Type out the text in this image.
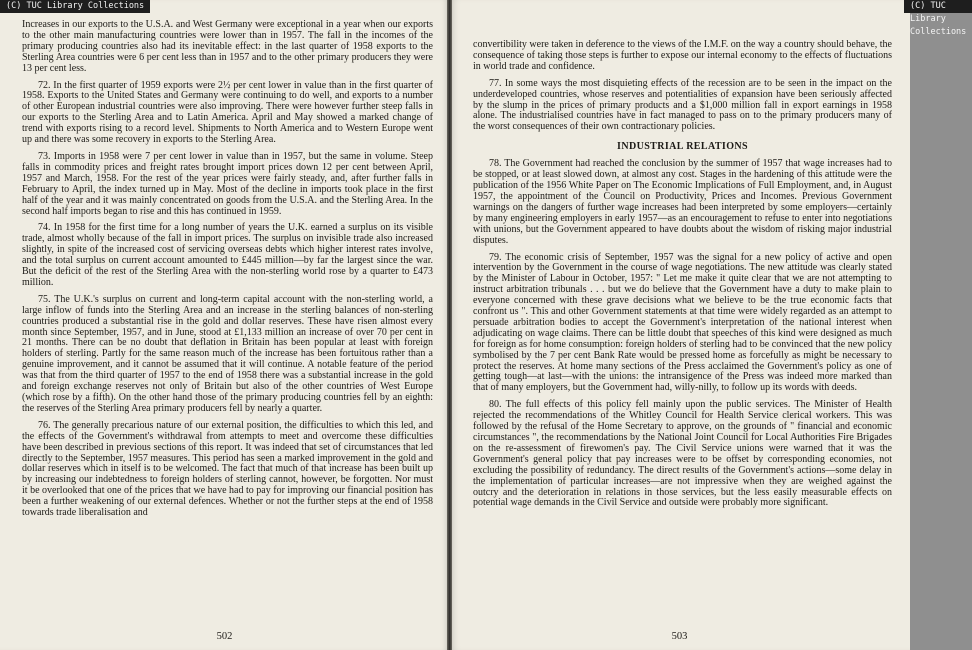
(C) TUC Library Collections

Increases in our exports to the U.S.A. and West Germany were exceptional in a year when our exports to the other main manufacturing countries were lower than in 1957. The fall in the incomes of the primary producing countries also had its inevitable effect: in the last quarter of 1958 exports to the Sterling Area countries were 6 per cent less than in 1957 and to the other primary producers they were 13 per cent less.

72. In the first quarter of 1959 exports were 2½ per cent lower in value than in the first quarter of 1958. Exports to the United States and Germany were continuing to do well, and exports to a number of other European industrial countries were also improving. There were however further steep falls in our exports to the Sterling Area and to Latin America. April and May showed a marked change of trend with exports rising to a record level. Shipments to North America and to Western Europe went up and there was some recovery in exports to the Sterling Area.

73. Imports in 1958 were 7 per cent lower in value than in 1957, but the same in volume. Steep falls in commodity prices and freight rates brought import prices down 12 per cent between April, 1957 and March, 1958. For the rest of the year prices were fairly steady, and, after further falls in February to April, the index turned up in May. Most of the decline in imports took place in the first half of the year and it was mainly concentrated on goods from the U.S.A. and the Sterling Area. In the second half imports began to rise and this has continued in 1959.

74. In 1958 for the first time for a long number of years the U.K. earned a surplus on its visible trade, almost wholly because of the fall in import prices. The surplus on invisible trade also increased slightly, in spite of the increased cost of servicing overseas debts which higher interest rates involve, and the total surplus on current account amounted to £445 million—by far the largest since the war. But the deficit of the rest of the Sterling Area with the non-sterling world rose by a quarter to £473 million.

75. The U.K.'s surplus on current and long-term capital account with the non-sterling world, a large inflow of funds into the Sterling Area and an increase in the sterling balances of non-sterling countries produced a substantial rise in the gold and dollar reserves. These have risen almost every month since September, 1957, and in June, stood at £1,133 million an increase of over 70 per cent in 21 months. There can be no doubt that deflation in Britain has been popular at least with foreign holders of sterling. Partly for the same reason much of the increase has been fortuitous rather than a genuine improvement, and it cannot be assumed that it will continue. A notable feature of the period was that from the third quarter of 1957 to the end of 1958 there was a substantial increase in the gold and foreign exchange reserves not only of Britain but also of the other countries of West Europe (which rose by a fifth). On the other hand those of the primary producing countries fell by an eighth: the reserves of the Sterling Area primary producers fell by nearly a quarter.

76. The generally precarious nature of our external position, the difficulties to which this led, and the effects of the Government's withdrawal from attempts to meet and overcome these difficulties have been described in previous sections of this report. It was indeed that set of circumstances that led directly to the September, 1957 measures. This period has seen a marked improvement in the gold and dollar reserves which in itself is to be welcomed. The fact that much of that increase has been built up by increasing our indebtedness to foreign holders of sterling cannot, however, be forgotten. Nor must it be overlooked that one of the prices that we have had to pay for improving our financial position has been a further weakening of our external defences. Whether or not the further steps at the end of 1958 towards trade liberalisation and

502
(C) TUC Library Collections

convertibility were taken in deference to the views of the I.M.F. on the way a country should behave, the consequence of taking those steps is further to expose our internal economy to the effects of fluctuations in world trade and confidence.

77. In some ways the most disquieting effects of the recession are to be seen in the impact on the underdeveloped countries, whose reserves and potentialities of expansion have been seriously affected by the slump in the prices of primary products and a $1,000 million fall in export earnings in 1958 alone. The industrialised countries have in fact managed to pass on to the primary producers many of the worst consequences of their own contractionary policies.

INDUSTRIAL RELATIONS

78. The Government had reached the conclusion by the summer of 1957 that wage increases had to be stopped, or at least slowed down, at almost any cost. Stages in the hardening of this attitude were the publication of the 1956 White Paper on The Economic Implications of Full Employment, and, in August 1957, the appointment of the Council on Productivity, Prices and Incomes. Previous Government warnings on the dangers of further wage increases had been interpreted by some employers—certainly by many engineering employers in early 1957—as an encouragement to refuse to enter into negotiations with unions, but the Government appeared to have doubts about the wisdom of risking major industrial disputes.

79. The economic crisis of September, 1957 was the signal for a new policy of active and open intervention by the Government in the course of wage negotiations. The new attitude was clearly stated by the Minister of Labour in October, 1957: " Let me make it quite clear that we are not attempting to instruct arbitration tribunals . . . but we do believe that the Government have a duty to make plain to everyone concerned with these grave decisions what we believe to be the true economic facts that confront us ". This and other Government statements at that time were widely regarded as an attempt to persuade arbitration bodies to accept the Government's interpretation of the national interest when adjudicating on wage claims. There can be little doubt that speeches of this kind were designed as much for foreign as for home consumption: foreign holders of sterling had to be convinced that the new policy symbolised by the 7 per cent Bank Rate would be pressed home as forcefully as might be necessary to protect the reserves. At home many sections of the Press acclaimed the Government's policy as one of getting tough—at last—with the unions: the intransigence of the Press was indeed more marked than that of many employers, but the Government had, willy-nilly, to follow up its words with deeds.

80. The full effects of this policy fell mainly upon the public services. The Minister of Health rejected the recommendations of the Whitley Council for Health Service clerical workers. This was followed by the refusal of the Home Secretary to approve, on the grounds of " financial and economic circumstances ", the recommendations by the National Joint Council for Local Authorities Fire Brigades on the re-assessment of firewomen's pay. The Civil Service unions were warned that it was the Government's general policy that pay increases were to be offset by corresponding economies, not excluding the possibility of redundancy. The direct results of the Government's actions—some delay in the implementation of particular increases—are not impressive when they are weighed against the outcry and the deterioration in relations in those services, but the less easily measurable effects on potential wage demands in the Civil Service and outside were probably more significant.

503
